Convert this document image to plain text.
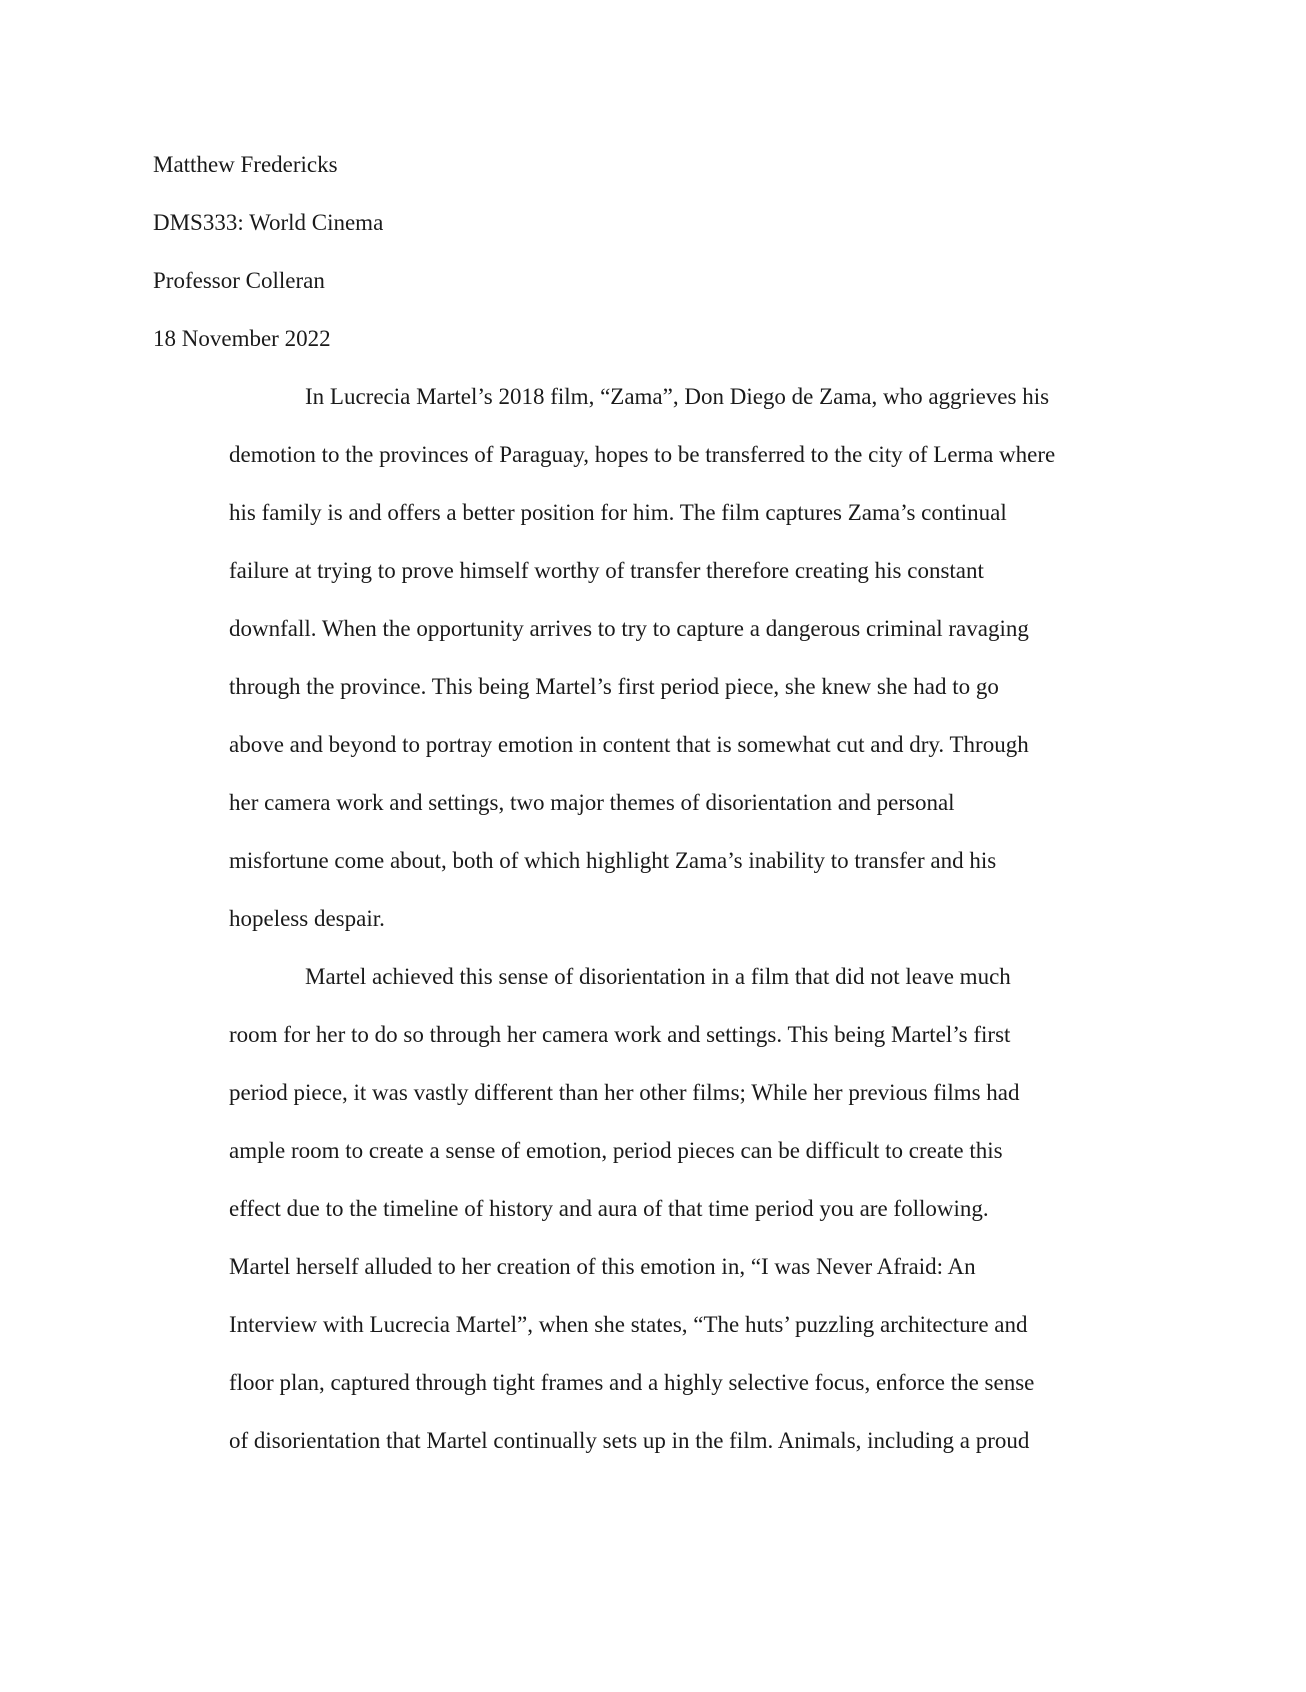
Matthew Fredericks
DMS333: World Cinema
Professor Colleran
18 November 2022
In Lucrecia Martel’s 2018 film, “Zama”, Don Diego de Zama, who aggrieves his
demotion to the provinces of Paraguay, hopes to be transferred to the city of Lerma where
his family is and offers a better position for him. The film captures Zama’s continual
failure at trying to prove himself worthy of transfer therefore creating his constant
downfall. When the opportunity arrives to try to capture a dangerous criminal ravaging
through the province. This being Martel’s first period piece, she knew she had to go
above and beyond to portray emotion in content that is somewhat cut and dry. Through
her camera work and settings, two major themes of disorientation and personal
misfortune come about, both of which highlight Zama’s inability to transfer and his
hopeless despair.
Martel achieved this sense of disorientation in a film that did not leave much
room for her to do so through her camera work and settings. This being Martel’s first
period piece, it was vastly different than her other films; While her previous films had
ample room to create a sense of emotion, period pieces can be difficult to create this
effect due to the timeline of history and aura of that time period you are following.
Martel herself alluded to her creation of this emotion in, “I was Never Afraid: An
Interview with Lucrecia Martel”, when she states, “The huts’ puzzling architecture and
floor plan, captured through tight frames and a highly selective focus, enforce the sense
of disorientation that Martel continually sets up in the film. Animals, including a proud
